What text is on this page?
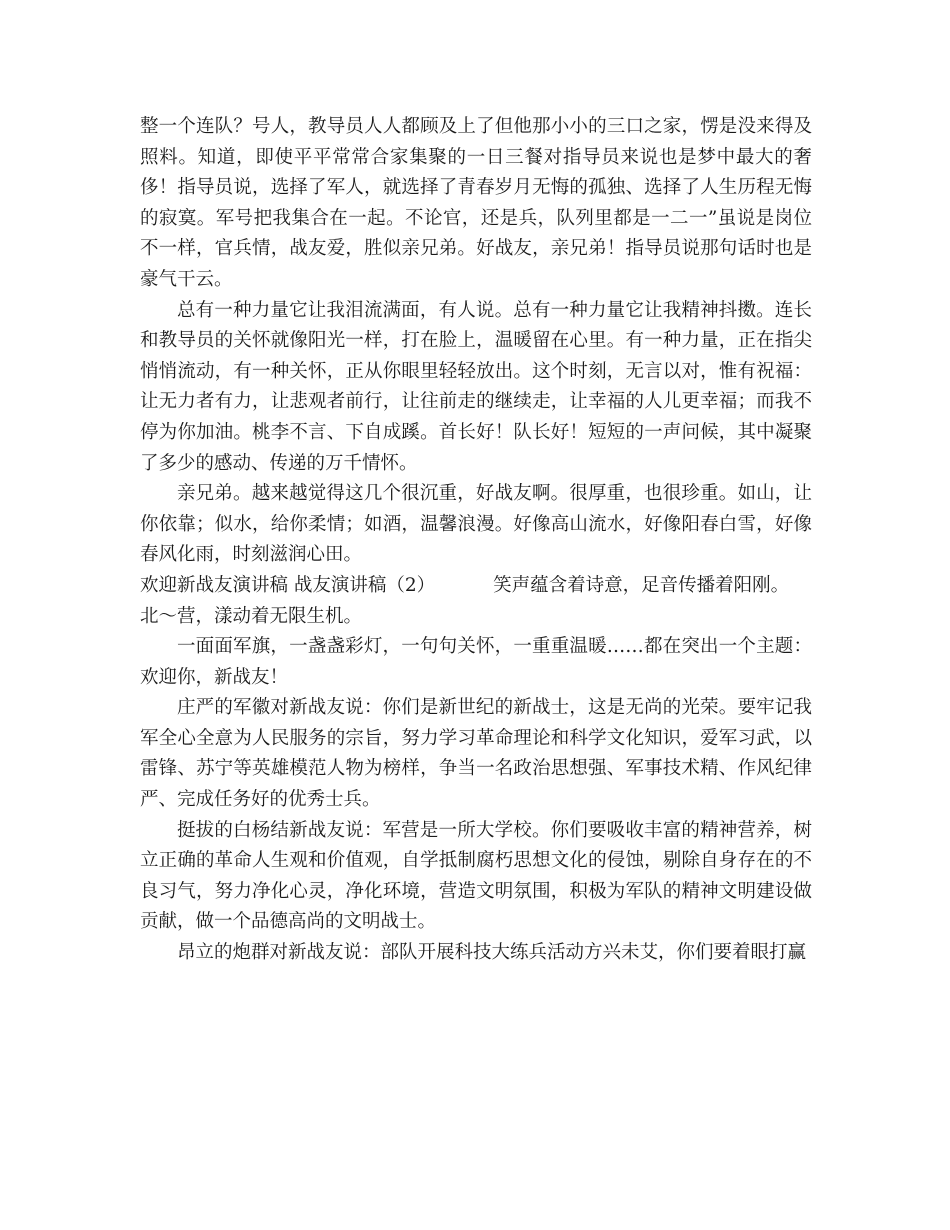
整一个连队？号人，教导员人人都顾及上了但他那小小的三口之家，愣是没来得及照料。知道，即使平平常常合家集聚的一日三餐对指导员来说也是梦中最大的奢侈！指导员说，选择了军人，就选择了青春岁月无悔的孤独、选择了人生历程无悔的寂寞。军号把我集合在一起。不论官，还是兵，队列里都是一二一”虽说是岗位不一样，官兵情，战友爱，胜似亲兄弟。好战友，亲兄弟！指导员说那句话时也是豪气干云。

总有一种力量它让我泪流满面，有人说。总有一种力量它让我精神抖擞。连长和教导员的关怀就像阳光一样，打在脸上，温暖留在心里。有一种力量，正在指尖悄悄流动，有一种关怀，正从你眼里轻轻放出。这个时刻，无言以对，惟有祝福：让无力者有力，让悲观者前行，让往前走的继续走，让幸福的人儿更幸福；而我不停为你加油。桃李不言、下自成蹊。首长好！队长好！短短的一声问候，其中凝聚了多少的感动、传递的万千情怀。

亲兄弟。越来越觉得这几个很沉重，好战友啊。很厚重，也很珍重。如山，让你依靠；似水，给你柔情；如酒，温馨浪漫。好像高山流水，好像阳春白雪，好像春风化雨，时刻滋润心田。

欢迎新战友演讲稿 战友演讲稿（2）	笑声蕴含着诗意，足音传播着阳刚。

北～营，漾动着无限生机。

一面面军旗，一盏盏彩灯，一句句关怀，一重重温暖……都在突出一个主题：欢迎你，新战友！

庄严的军徽对新战友说：你们是新世纪的新战士，这是无尚的光荣。要牢记我军全心全意为人民服务的宗旨，努力学习革命理论和科学文化知识，爱军习武，以雷锋、苏宁等英雄模范人物为榜样，争当一名政治思想强、军事技术精、作风纪律严、完成任务好的优秀士兵。

挺拔的白杨结新战友说：军营是一所大学校。你们要吸收丰富的精神营养，树立正确的革命人生观和价值观，自学抵制腐朽思想文化的侵蚀，剔除自身存在的不良习气，努力净化心灵，净化环境，营造文明氛围，积极为军队的精神文明建设做贡献，做一个品德高尚的文明战士。

昂立的炮群对新战友说：部队开展科技大练兵活动方兴未艾，你们要着眼打赢
